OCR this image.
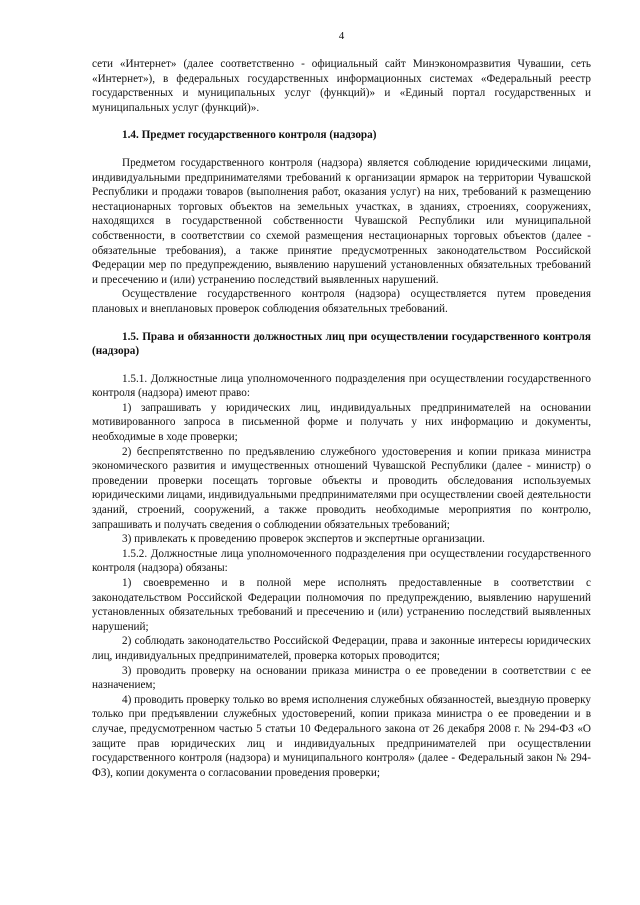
4

сети «Интернет» (далее соответственно - официальный сайт Минэкономразвития Чувашии, сеть «Интернет»), в федеральных государственных информационных системах «Федеральный реестр государственных и муниципальных услуг (функций)» и «Единый портал государственных и муниципальных услуг (функций)».

1.4. Предмет государственного контроля (надзора)

Предметом государственного контроля (надзора) является соблюдение юридическими лицами, индивидуальными предпринимателями требований к организации ярмарок на территории Чувашской Республики и продажи товаров (выполнения работ, оказания услуг) на них, требований к размещению нестационарных торговых объектов на земельных участках, в зданиях, строениях, сооружениях, находящихся в государственной собственности Чувашской Республики или муниципальной собственности, в соответствии со схемой размещения нестационарных торговых объектов (далее - обязательные требования), а также принятие предусмотренных законодательством Российской Федерации мер по предупреждению, выявлению нарушений установленных обязательных требований и пресечению и (или) устранению последствий выявленных нарушений.

Осуществление государственного контроля (надзора) осуществляется путем проведения плановых и внеплановых проверок соблюдения обязательных требований.

1.5. Права и обязанности должностных лиц при осуществлении государственного контроля (надзора)

1.5.1. Должностные лица уполномоченного подразделения при осуществлении государственного контроля (надзора) имеют право:

1) запрашивать у юридических лиц, индивидуальных предпринимателей на основании мотивированного запроса в письменной форме и получать у них информацию и документы, необходимые в ходе проверки;

2) беспрепятственно по предъявлению служебного удостоверения и копии приказа министра экономического развития и имущественных отношений Чувашской Республики (далее - министр) о проведении проверки посещать торговые объекты и проводить обследования используемых юридическими лицами, индивидуальными предпринимателями при осуществлении своей деятельности зданий, строений, сооружений, а также проводить необходимые мероприятия по контролю, запрашивать и получать сведения о соблюдении обязательных требований;

3) привлекать к проведению проверок экспертов и экспертные организации.

1.5.2. Должностные лица уполномоченного подразделения при осуществлении государственного контроля (надзора) обязаны:

1) своевременно и в полной мере исполнять предоставленные в соответствии с законодательством Российской Федерации полномочия по предупреждению, выявлению нарушений установленных обязательных требований и пресечению и (или) устранению последствий выявленных нарушений;

2) соблюдать законодательство Российской Федерации, права и законные интересы юридических лиц, индивидуальных предпринимателей, проверка которых проводится;

3) проводить проверку на основании приказа министра о ее проведении в соответствии с ее назначением;

4) проводить проверку только во время исполнения служебных обязанностей, выездную проверку только при предъявлении служебных удостоверений, копии приказа министра о ее проведении и в случае, предусмотренном частью 5 статьи 10 Федерального закона от 26 декабря 2008 г. № 294-ФЗ «О защите прав юридических лиц и индивидуальных предпринимателей при осуществлении государственного контроля (надзора) и муниципального контроля» (далее - Федеральный закон № 294-ФЗ), копии документа о согласовании проведения проверки;
